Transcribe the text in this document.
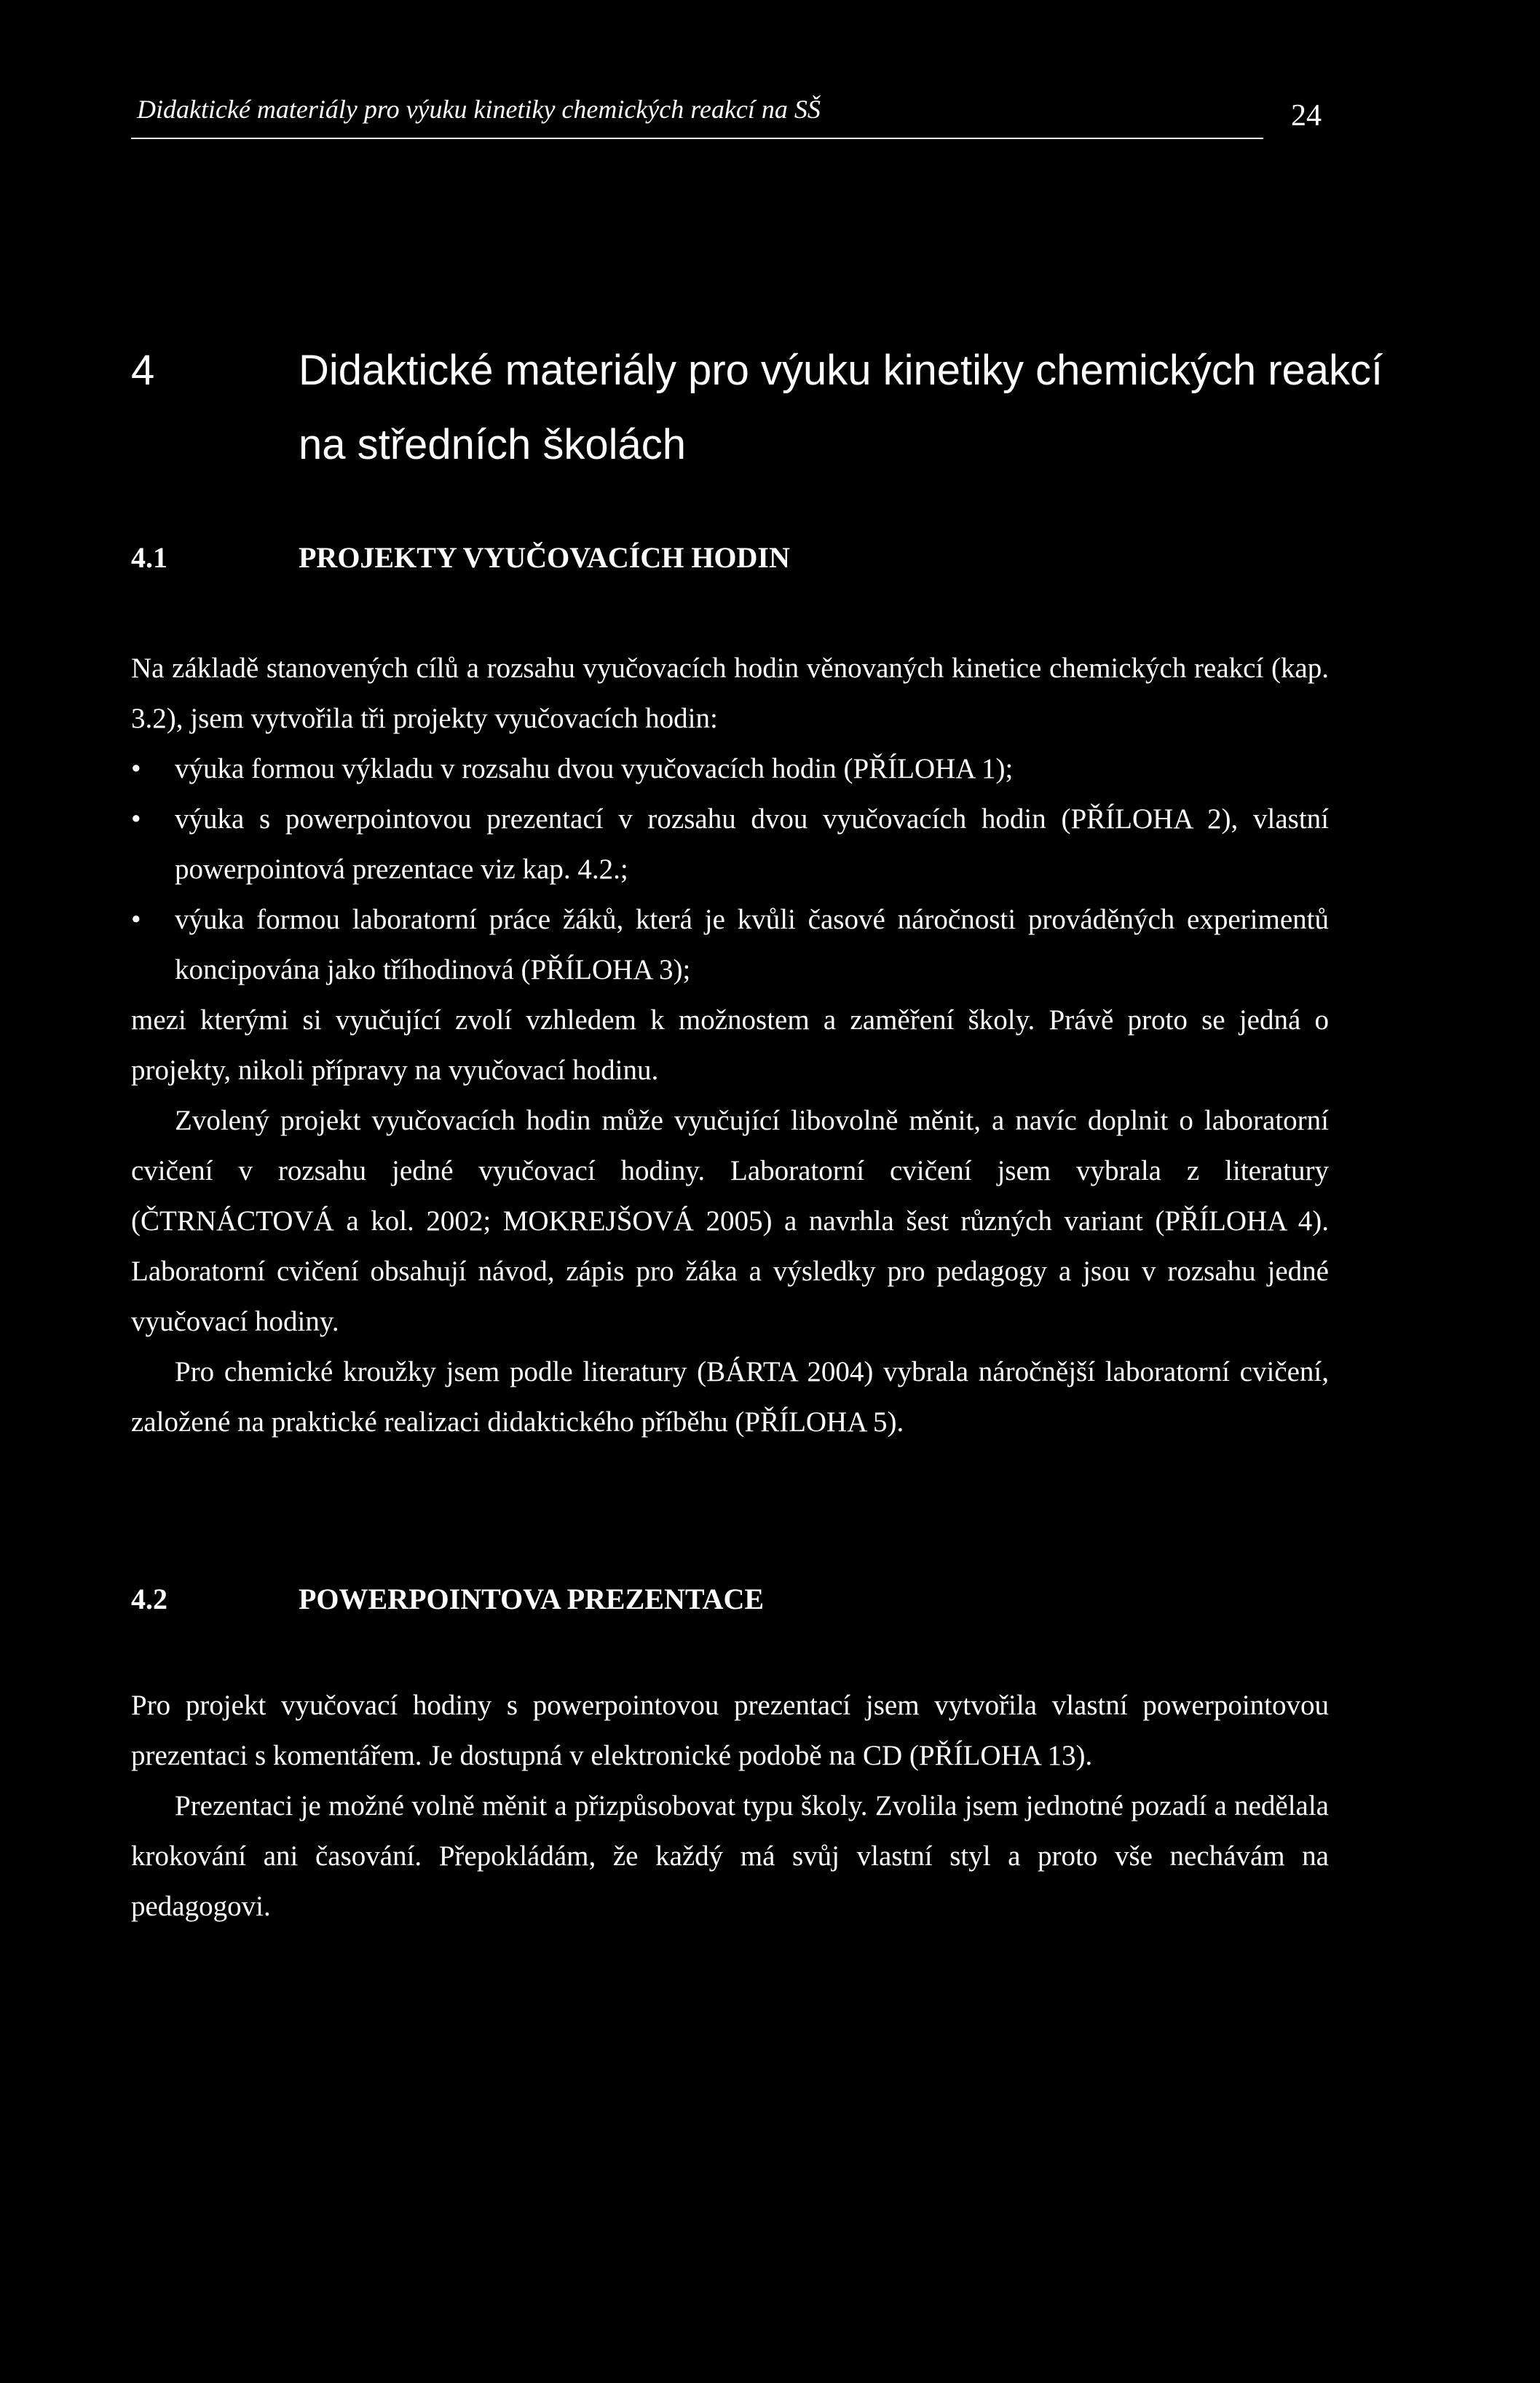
Didaktické materiály pro výuku kinetiky chemických reakcí na SŠ	24
4	Didaktické materiály pro výuku kinetiky chemických reakcí na středních školách
4.1	PROJEKTY VYUČOVACÍCH HODIN

Na základě stanovených cílů a rozsahu vyučovacích hodin věnovaných kinetice chemických reakcí (kap. 3.2), jsem vytvořila tři projekty vyučovacích hodin:

• výuka formou výkladu v rozsahu dvou vyučovacích hodin (PŘÍLOHA 1);
• výuka s powerpointovou prezentací v rozsahu dvou vyučovacích hodin (PŘÍLOHA 2), vlastní powerpointová prezentace viz kap. 4.2.;
• výuka formou laboratorní práce žáků, která je kvůli časové náročnosti prováděných experimentů koncipována jako tříhodinová (PŘÍLOHA 3);

mezi kterými si vyučující zvolí vzhledem k možnostem a zaměření školy. Právě proto se jedná o projekty, nikoli přípravy na vyučovací hodinu.

Zvolený projekt vyučovacích hodin může vyučující libovolně měnit, a navíc doplnit o laboratorní cvičení v rozsahu jedné vyučovací hodiny. Laboratorní cvičení jsem vybrala z literatury (ČTRNÁCTOVÁ a kol. 2002; MOKREJŠOVÁ 2005) a navrhla šest různých variant (PŘÍLOHA 4). Laboratorní cvičení obsahují návod, zápis pro žáka a výsledky pro pedagogy a jsou v rozsahu jedné vyučovací hodiny.

Pro chemické kroužky jsem podle literatury (BÁRTA 2004) vybrala náročnější laboratorní cvičení, založené na praktické realizaci didaktického příběhu (PŘÍLOHA 5).

4.2	POWERPOINTOVA PREZENTACE

Pro projekt vyučovací hodiny s powerpointovou prezentací jsem vytvořila vlastní powerpointovou prezentaci s komentářem. Je dostupná v elektronické podobě na CD (PŘÍLOHA 13).

Prezentaci je možné volně měnit a přizpůsobovat typu školy. Zvolila jsem jednotné pozadí a nedělala krokování ani časování. Přepokládám, že každý má svůj vlastní styl a proto vše nechávám na pedagogovi.
